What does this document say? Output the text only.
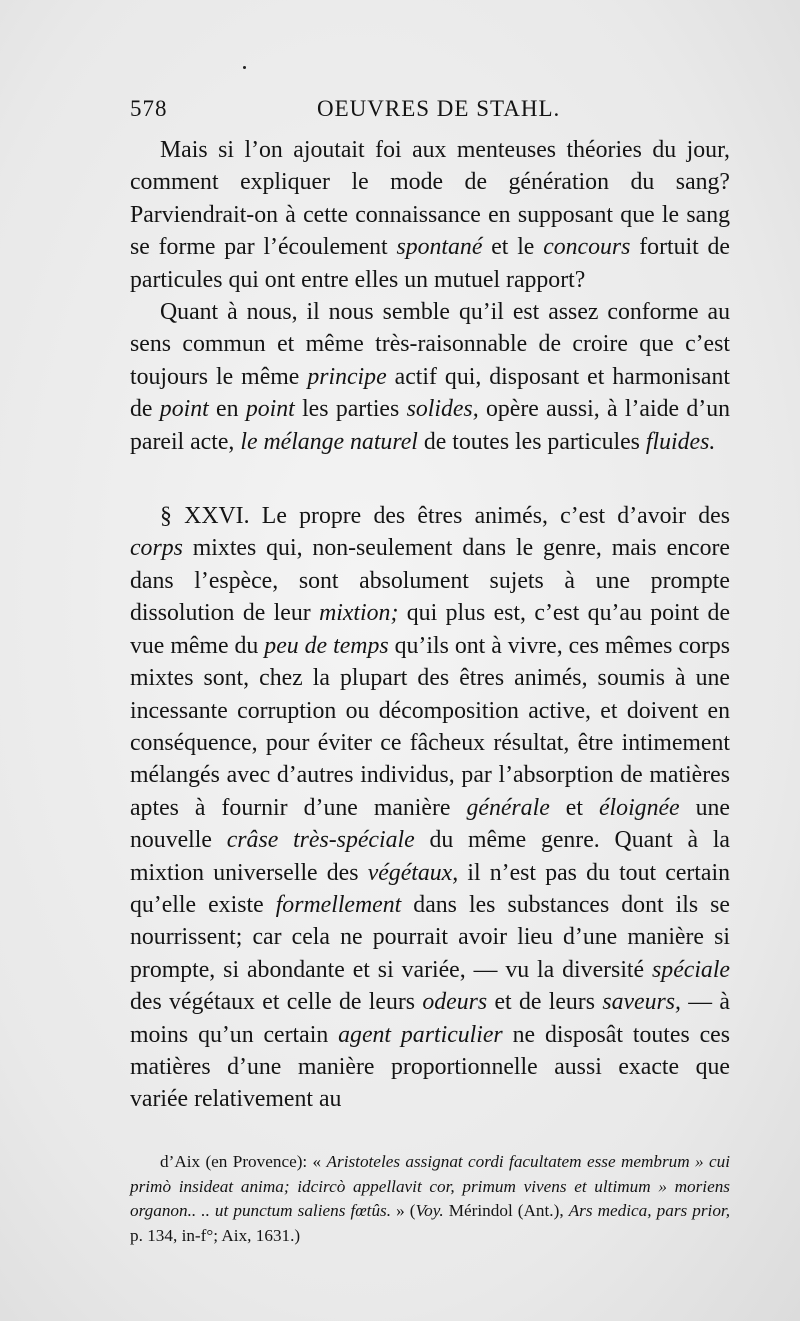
578	OEUVRES DE STAHL.

Mais si l’on ajoutait foi aux menteuses théories du jour, comment expliquer le mode de génération du sang? Parviendrait-on à cette connaissance en supposant que le sang se forme par l’écoulement spontané et le concours fortuit de particules qui ont entre elles un mutuel rapport?

Quant à nous, il nous semble qu’il est assez conforme au sens commun et même très-raisonnable de croire que c’est toujours le même principe actif qui, disposant et harmonisant de point en point les parties solides, opère aussi, à l’aide d’un pareil acte, le mélange naturel de toutes les particules fluides.

§ XXVI. Le propre des êtres animés, c’est d’avoir des corps mixtes qui, non-seulement dans le genre, mais encore dans l’espèce, sont absolument sujets à une prompte dissolution de leur mixtion; qui plus est, c’est qu’au point de vue même du peu de temps qu’ils ont à vivre, ces mêmes corps mixtes sont, chez la plupart des êtres animés, soumis à une incessante corruption ou décomposition active, et doivent en conséquence, pour éviter ce fâcheux résultat, être intimement mélangés avec d’autres individus, par l’absorption de matières aptes à fournir d’une manière générale et éloignée une nouvelle crâse très-spéciale du même genre. Quant à la mixtion universelle des végétaux, il n’est pas du tout certain qu’elle existe formellement dans les substances dont ils se nourrissent; car cela ne pourrait avoir lieu d’une manière si prompte, si abondante et si variée, — vu la diversité spéciale des végétaux et celle de leurs odeurs et de leurs saveurs, — à moins qu’un certain agent particulier ne disposât toutes ces matières d’une manière proportionnelle aussi exacte que variée relativement au

d’Aix (en Provence): « Aristoteles assignat cordi facultatem esse membrum » cui primò insideat anima; idcircò appellavit cor, primum vivens et ultimum » moriens organon.. .. ut punctum saliens fœtûs. » (Voy. Mérindol (Ant.), Ars medica, pars prior, p. 134, in-f°; Aix, 1631.)
